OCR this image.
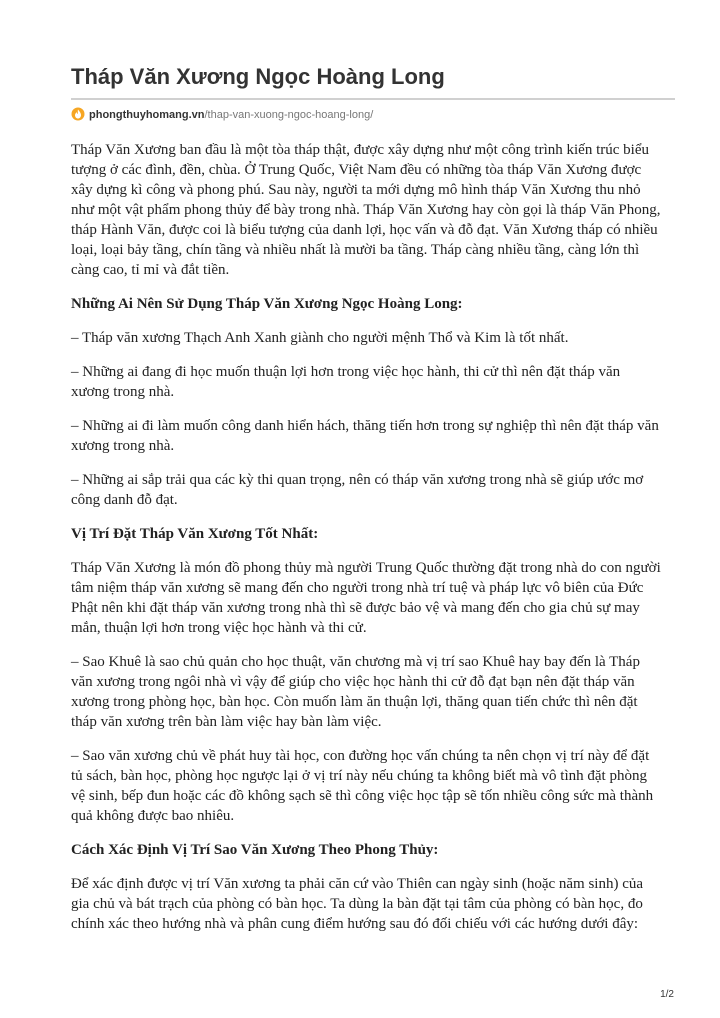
Tháp Văn Xương Ngọc Hoàng Long
phongthuyhomang.vn/thap-van-xuong-ngoc-hoang-long/

Tháp Văn Xương ban đầu là một tòa tháp thật, được xây dựng như một công trình kiến trúc biểu tượng ở các đình, đền, chùa. Ở Trung Quốc, Việt Nam đều có những tòa tháp Văn Xương được xây dựng kì công và phong phú. Sau này, người ta mới dựng mô hình tháp Văn Xương thu nhỏ như một vật phẩm phong thủy để bày trong nhà. Tháp Văn Xương hay còn gọi là tháp Văn Phong, tháp Hành Văn, được coi là biểu tượng của danh lợi, học vấn và đỗ đạt. Văn Xương tháp có nhiều loại, loại bảy tầng, chín tầng và nhiều nhất là mười ba tầng. Tháp càng nhiều tầng, càng lớn thì càng cao, tỉ mỉ và đắt tiền.

Những Ai Nên Sử Dụng Tháp Văn Xương Ngọc Hoàng Long:

– Tháp văn xương Thạch Anh Xanh giành cho người mệnh Thổ và Kim là tốt nhất.

– Những ai đang đi học muốn thuận lợi hơn trong việc học hành, thi cử thì nên đặt tháp văn xương trong nhà.

– Những ai đi làm muốn công danh hiển hách, thăng tiến hơn trong sự nghiệp thì nên đặt tháp văn xương trong nhà.

– Những ai sắp trải qua các kỳ thi quan trọng, nên có tháp văn xương trong nhà sẽ giúp ước mơ công danh đỗ đạt.

Vị Trí Đặt Tháp Văn Xương Tốt Nhất:

Tháp Văn Xương là món đồ phong thủy mà người Trung Quốc thường đặt trong nhà do con người tâm niệm tháp văn xương sẽ mang đến cho người trong nhà trí tuệ và pháp lực vô biên của Đức Phật nên khi đặt tháp văn xương trong nhà thì sẽ được bảo vệ và mang đến cho gia chủ sự may mắn, thuận lợi hơn trong việc học hành và thi cử.

– Sao Khuê là sao chủ quản cho học thuật, văn chương mà vị trí sao Khuê hay bay đến là Tháp văn xương trong ngôi nhà vì vậy để giúp cho việc học hành thi cử đỗ đạt bạn nên đặt tháp văn xương trong phòng học, bàn học. Còn muốn làm ăn thuận lợi, thăng quan tiến chức thì nên đặt tháp văn xương trên bàn làm việc hay bàn làm việc.

– Sao văn xương chủ về phát huy tài học, con đường học vấn chúng ta nên chọn vị trí này để đặt tủ sách, bàn học, phòng học ngược lại ở vị trí này nếu chúng ta không biết mà vô tình đặt phòng vệ sinh, bếp đun hoặc các đồ không sạch sẽ thì công việc học tập sẽ tốn nhiều công sức mà thành quả không được bao nhiêu.

Cách Xác Định Vị Trí Sao Văn Xương Theo Phong Thủy:

Để xác định được vị trí Văn xương ta phải căn cứ vào Thiên can ngày sinh (hoặc năm sinh) của gia chủ và bát trạch của phòng có bàn học. Ta dùng la bàn đặt tại tâm của phòng có bàn học, đo chính xác theo hướng nhà và phân cung điểm hướng sau đó đối chiếu với các hướng dưới đây:

1/2
